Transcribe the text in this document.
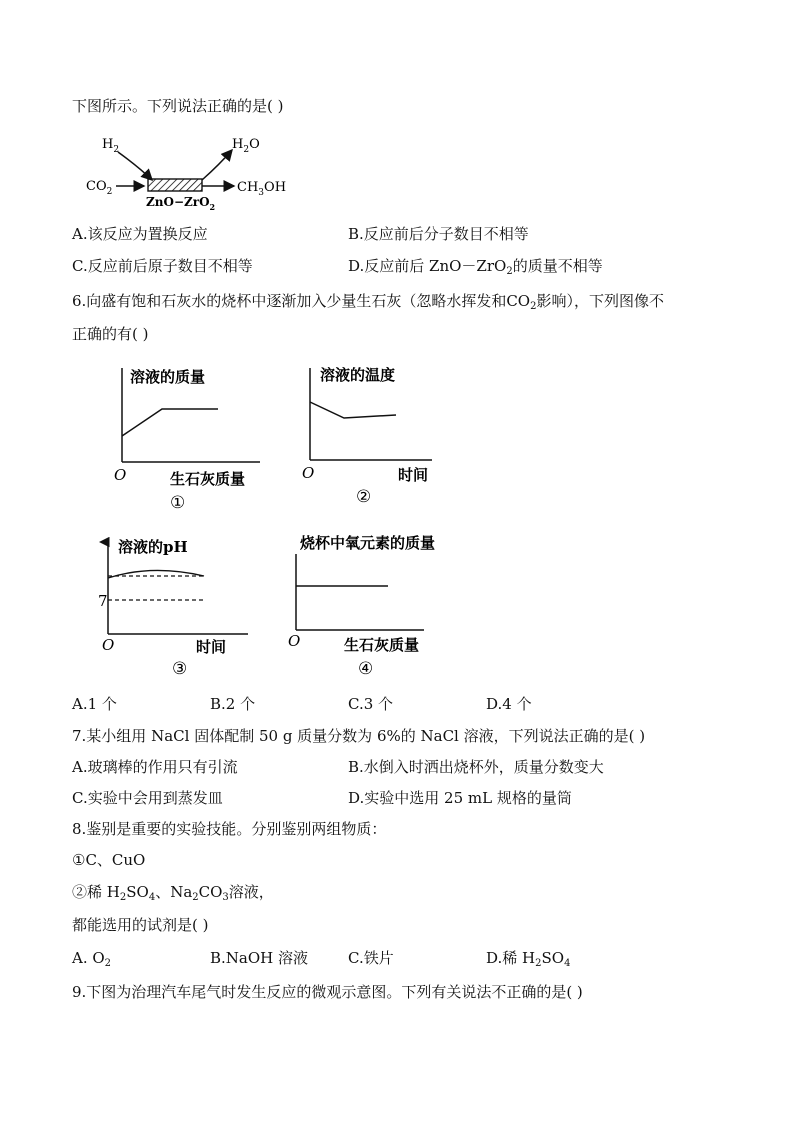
下图所示。下列说法正确的是( )
$H_2$	$H_2O$
$CO_2$	$CH_3OH$
ZnO−ZrO$_2$
A.该反应为置换反应	B.反应前后分子数目不相等
C.反应前后原子数目不相等	D.反应前后 ZnO－ZrO$_2$的质量不相等
6.向盛有饱和石灰水的烧杯中逐渐加入少量生石灰（忽略水挥发和$CO_2$影响），下列图像不
正确的有( )
溶液的质量
O	生石灰质量
①
溶液的温度
O	时间
②
溶液的pH
7
O	时间
③
烧杯中氧元素的质量
O	生石灰质量
④
A.1 个	B.2 个	C.3 个	D.4 个
7.某小组用 NaCl 固体配制 50 g 质量分数为 6%的 NaCl 溶液，下列说法正确的是( )
A.玻璃棒的作用只有引流	B.水倒入时洒出烧杯外，质量分数变大
C.实验中会用到蒸发皿	D.实验中选用 25 mL 规格的量筒
8.鉴别是重要的实验技能。分别鉴别两组物质：
①C、CuO
②稀 $H_2SO_4$、$Na_2CO_3$溶液，
都能选用的试剂是( )
A. $O_2$	B.NaOH 溶液	C.铁片	D.稀 $H_2SO_4$
9.下图为治理汽车尾气时发生反应的微观示意图。下列有关说法不正确的是( )
